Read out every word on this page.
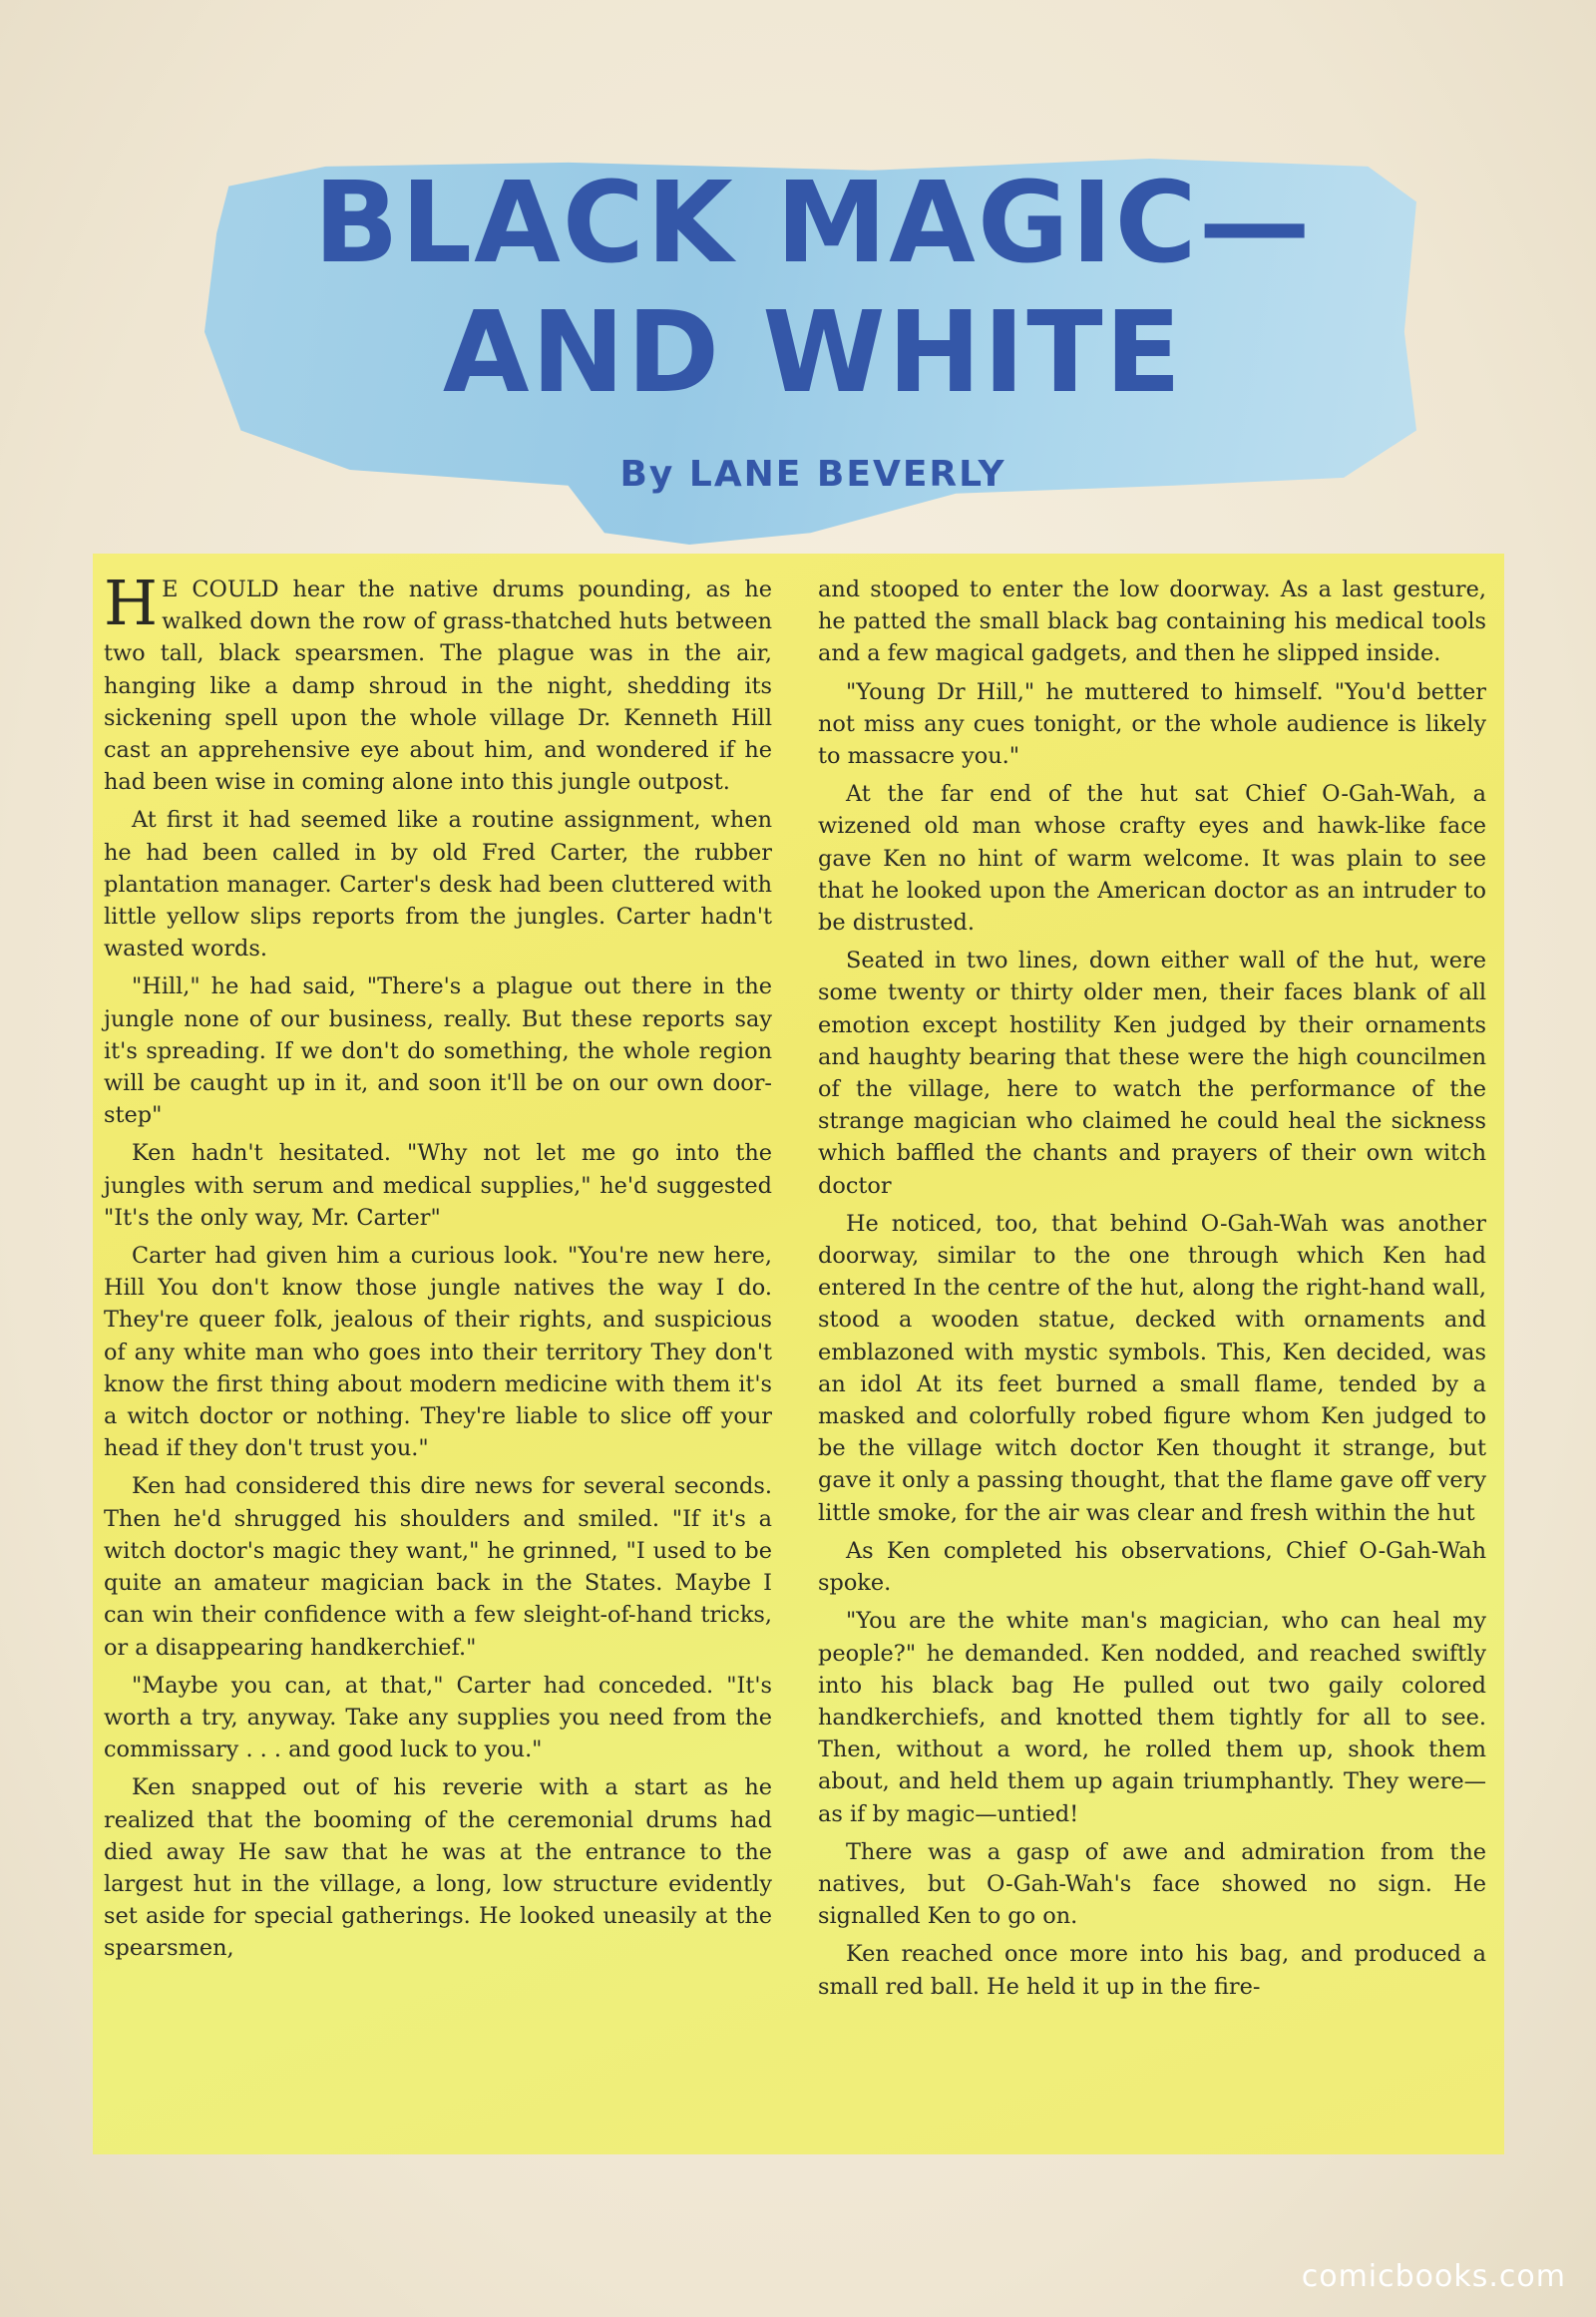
BLACK MAGIC—
AND WHITE
By LANE BEVERLY

H E COULD hear the native drums pounding, as he walked down the row of grass-thatched huts between two tall, black spearsmen. The plague was in the air, hanging like a damp shroud in the night, shedding its sickening spell upon the whole village Dr. Kenneth Hill cast an apprehensive eye about him, and wondered if he had been wise in coming alone into this jungle outpost.

At first it had seemed like a routine assignment, when he had been called in by old Fred Carter, the rubber plantation manager. Carter's desk had been cluttered with little yellow slips reports from the jungles. Carter hadn't wasted words.

"Hill," he had said, "There's a plague out there in the jungle none of our business, really. But these reports say it's spreading. If we don't do something, the whole region will be caught up in it, and soon it'll be on our own door-step"

Ken hadn't hesitated. "Why not let me go into the jungles with serum and medical supplies," he'd suggested "It's the only way, Mr. Carter"

Carter had given him a curious look. "You're new here, Hill You don't know those jungle natives the way I do. They're queer folk, jealous of their rights, and suspicious of any white man who goes into their territory They don't know the first thing about modern medicine with them it's a witch doctor or nothing. They're liable to slice off your head if they don't trust you."

Ken had considered this dire news for several seconds. Then he'd shrugged his shoulders and smiled. "If it's a witch doctor's magic they want," he grinned, "I used to be quite an amateur magician back in the States. Maybe I can win their confidence with a few sleight-of-hand tricks, or a disappearing handkerchief."

"Maybe you can, at that," Carter had conceded. "It's worth a try, anyway. Take any supplies you need from the commissary . . . and good luck to you."

Ken snapped out of his reverie with a start as he realized that the booming of the ceremonial drums had died away He saw that he was at the entrance to the largest hut in the village, a long, low structure evidently set aside for special gatherings. He looked uneasily at the spearsmen,

and stooped to enter the low doorway. As a last gesture, he patted the small black bag containing his medical tools and a few magical gadgets, and then he slipped inside.

"Young Dr Hill," he muttered to himself. "You'd better not miss any cues tonight, or the whole audience is likely to massacre you."

At the far end of the hut sat Chief O-Gah-Wah, a wizened old man whose crafty eyes and hawk-like face gave Ken no hint of warm welcome. It was plain to see that he looked upon the American doctor as an intruder to be distrusted.

Seated in two lines, down either wall of the hut, were some twenty or thirty older men, their faces blank of all emotion except hostility Ken judged by their ornaments and haughty bearing that these were the high councilmen of the village, here to watch the performance of the strange magician who claimed he could heal the sickness which baffled the chants and prayers of their own witch doctor

He noticed, too, that behind O-Gah-Wah was another doorway, similar to the one through which Ken had entered In the centre of the hut, along the right-hand wall, stood a wooden statue, decked with ornaments and emblazoned with mystic symbols. This, Ken decided, was an idol At its feet burned a small flame, tended by a masked and colorfully robed figure whom Ken judged to be the village witch doctor Ken thought it strange, but gave it only a passing thought, that the flame gave off very little smoke, for the air was clear and fresh within the hut

As Ken completed his observations, Chief O-Gah-Wah spoke.

"You are the white man's magician, who can heal my people?" he demanded. Ken nodded, and reached swiftly into his black bag He pulled out two gaily colored handkerchiefs, and knotted them tightly for all to see. Then, without a word, he rolled them up, shook them about, and held them up again triumphantly. They were—as if by magic—untied!

There was a gasp of awe and admiration from the natives, but O-Gah-Wah's face showed no sign. He signalled Ken to go on.

Ken reached once more into his bag, and produced a small red ball. He held it up in the fire-

comicbooks.com
